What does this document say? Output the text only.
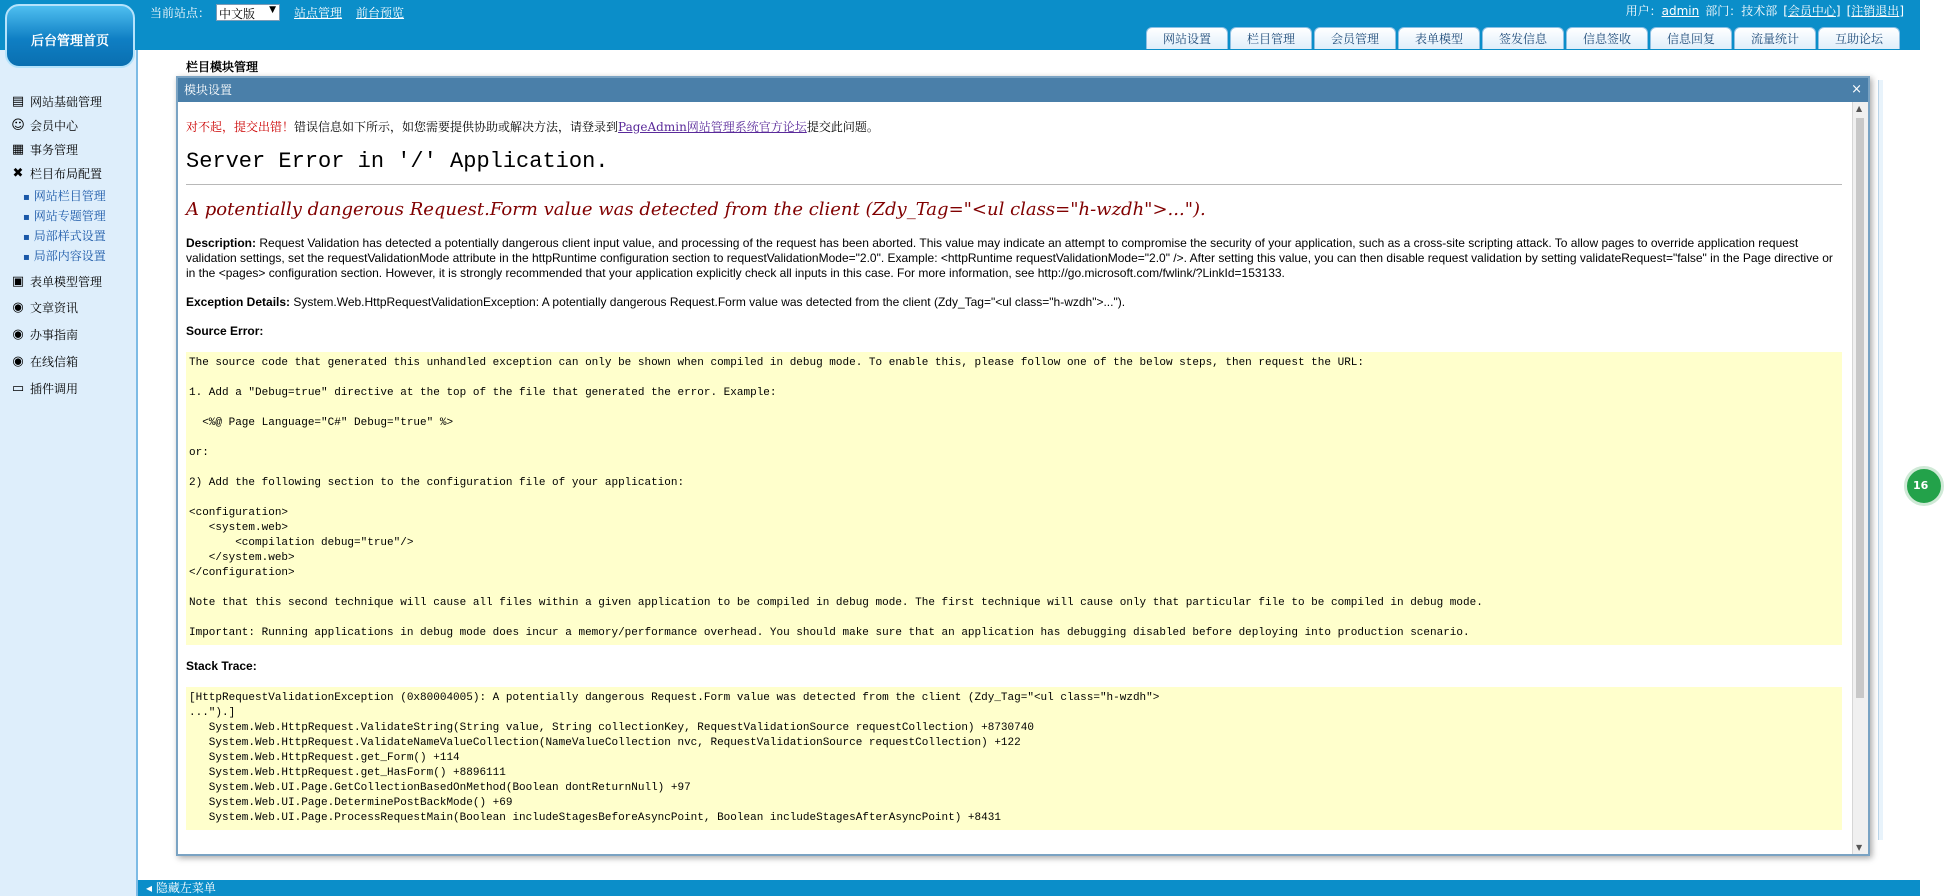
当前站点： 中文版 ▼ 站点管理 前台预览	用户：admin 部门：技术部 [会员中心] [注销退出]
网站设置	栏目管理	会员管理	表单模型	签发信息	信息签收	信息回复	流量统计	互助论坛
后台管理首页
▤ 网站基础管理
☺ 会员中心
▦ 事务管理
✖ 栏目布局配置
▪ 网站栏目管理
▪ 网站专题管理
▪ 局部样式设置
▪ 局部内容设置
▣ 表单模型管理
◉ 文章资讯
◉ 办事指南
◉ 在线信箱
▭ 插件调用
栏目模块管理
16
◂ 隐藏左菜单
模块设置	×
对不起，提交出错！错误信息如下所示，如您需要提供协助或解决方法，请登录到PageAdmin网站管理系统官方论坛提交此问题。
Server Error in '/' Application.
A potentially dangerous Request.Form value was detected from the client (Zdy_Tag="<ul class="h-wzdh">...").
Description: Request Validation has detected a potentially dangerous client input value, and processing of the request has been aborted. This value may indicate an attempt to compromise the security of your application, such as a cross-site scripting attack. To allow pages to override application request validation settings, set the requestValidationMode attribute in the httpRuntime configuration section to requestValidationMode="2.0". Example: <httpRuntime requestValidationMode="2.0" />. After setting this value, you can then disable request validation by setting validateRequest="false" in the Page directive or in the <pages> configuration section. However, it is strongly recommended that your application explicitly check all inputs in this case. For more information, see http://go.microsoft.com/fwlink/?LinkId=153133.
Exception Details: System.Web.HttpRequestValidationException: A potentially dangerous Request.Form value was detected from the client (Zdy_Tag="<ul class="h-wzdh">...").
Source Error:
The source code that generated this unhandled exception can only be shown when compiled in debug mode. To enable this, please follow one of the below steps, then request the URL:

1. Add a "Debug=true" directive at the top of the file that generated the error. Example:

<%@ Page Language="C#" Debug="true" %>

or:

2) Add the following section to the configuration file of your application:

<configuration>
<system.web>
<compilation debug="true"/>
</system.web>
</configuration>

Note that this second technique will cause all files within a given application to be compiled in debug mode. The first technique will cause only that particular file to be compiled in debug mode.

Important: Running applications in debug mode does incur a memory/performance overhead. You should make sure that an application has debugging disabled before deploying into production scenario.
Stack Trace:
[HttpRequestValidationException (0x80004005): A potentially dangerous Request.Form value was detected from the client (Zdy_Tag="<ul class="h-wzdh">
...").]
System.Web.HttpRequest.ValidateString(String value, String collectionKey, RequestValidationSource requestCollection) +8730740
System.Web.HttpRequest.ValidateNameValueCollection(NameValueCollection nvc, RequestValidationSource requestCollection) +122
System.Web.HttpRequest.get_Form() +114
System.Web.HttpRequest.get_HasForm() +8896111
System.Web.UI.Page.GetCollectionBasedOnMethod(Boolean dontReturnNull) +97
System.Web.UI.Page.DeterminePostBackMode() +69
System.Web.UI.Page.ProcessRequestMain(Boolean includeStagesBeforeAsyncPoint, Boolean includeStagesAfterAsyncPoint) +8431
▲
▼
